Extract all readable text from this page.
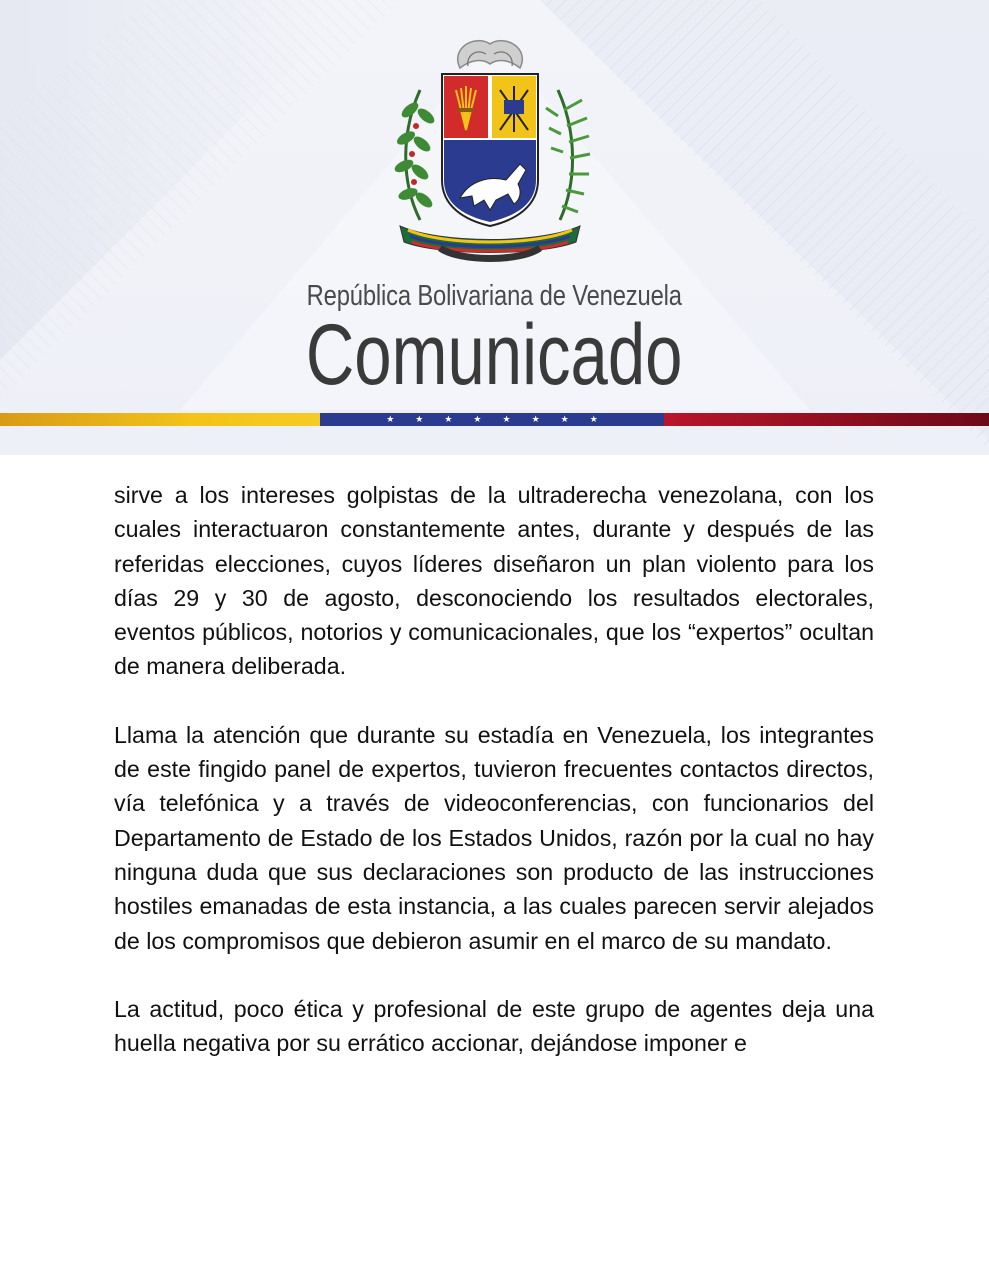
República Bolivariana de Venezuela
Comunicado
★ ★ ★ ★ ★ ★ ★ ★

sirve a los intereses golpistas de la ultraderecha venezolana, con los cuales interactuaron constantemente antes, durante y después de las referidas elecciones, cuyos líderes diseñaron un plan violento para los días 29 y 30 de agosto, desconociendo los resultados electorales, eventos públicos, notorios y comunicacionales, que los “expertos” ocultan de manera deliberada.

Llama la atención que durante su estadía en Venezuela, los integrantes de este fingido panel de expertos, tuvieron frecuentes contactos directos, vía telefónica y a través de videoconferencias, con funcionarios del Departamento de Estado de los Estados Unidos, razón por la cual no hay ninguna duda que sus declaraciones son producto de las instrucciones hostiles emanadas de esta instancia, a las cuales parecen servir alejados de los compromisos que debieron asumir en el marco de su mandato.

La actitud, poco ética y profesional de este grupo de agentes deja una huella negativa por su errático accionar, dejándose imponer e
